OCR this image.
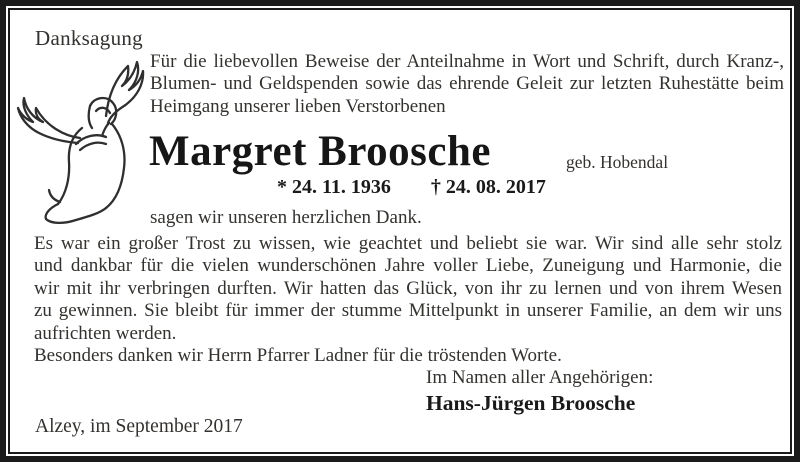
Danksagung
Für die liebevollen Beweise der Anteilnahme in Wort und Schrift, durch Kranz-,
Blumen- und Geldspenden sowie das ehrende Geleit zur letzten Ruhestätte beim
Heimgang unserer lieben Verstorbenen
Margret Broosche	geb. Hobendal
* 24. 11. 1936 † 24. 08. 2017
sagen wir unseren herzlichen Dank.
Es war ein großer Trost zu wissen, wie geachtet und beliebt sie war. Wir sind alle sehr stolz
und dankbar für die vielen wunderschönen Jahre voller Liebe, Zuneigung und Harmonie, die
wir mit ihr verbringen durften. Wir hatten das Glück, von ihr zu lernen und von ihrem Wesen
zu gewinnen. Sie bleibt für immer der stumme Mittelpunkt in unserer Familie, an dem wir uns
aufrichten werden.
Besonders danken wir Herrn Pfarrer Ladner für die tröstenden Worte.
Im Namen aller Angehörigen:
Hans-Jürgen Broosche
Alzey, im September 2017
